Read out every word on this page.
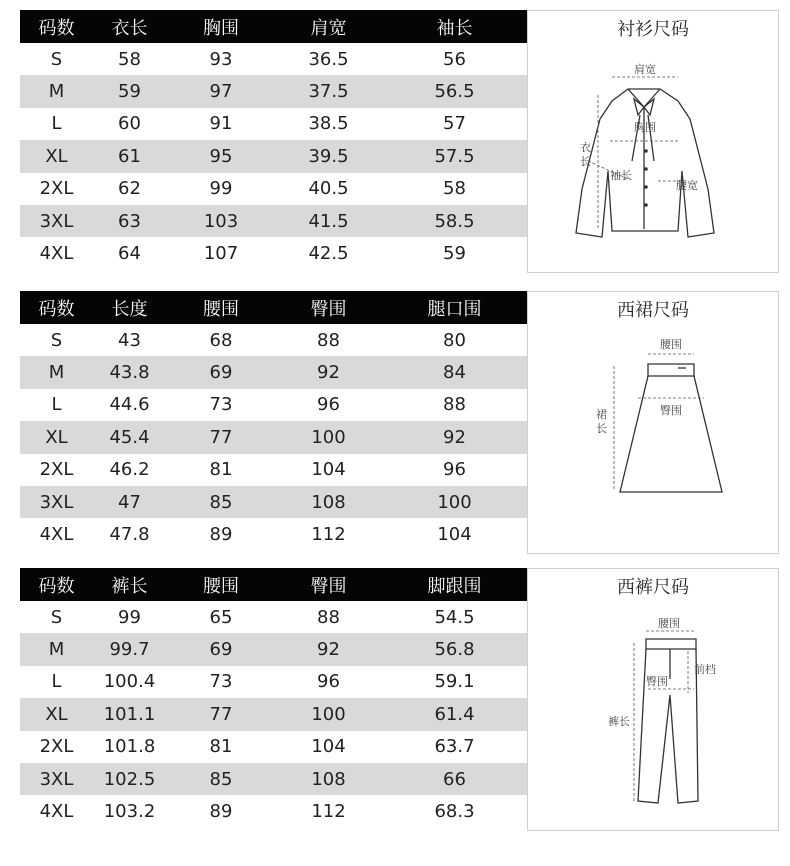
码数	衣长	胸围	肩宽	袖长
S	58	93	36.5	56
M	59	97	37.5	56.5
L	60	91	38.5	57
XL	61	95	39.5	57.5
2XL	62	99	40.5	58
3XL	63	103	41.5	58.5
4XL	64	107	42.5	59
衬衫尺码
肩宽
胸围
衣
长
袖长
腰宽
码数	长度	腰围	臀围	腿口围
S	43	68	88	80
M	43.8	69	92	84
L	44.6	73	96	88
XL	45.4	77	100	92
2XL	46.2	81	104	96
3XL	47	85	108	100
4XL	47.8	89	112	104
西裙尺码
腰围
臀围
裙
长
码数	裤长	腰围	臀围	脚跟围
S	99	65	88	54.5
M	99.7	69	92	56.8
L	100.4	73	96	59.1
XL	101.1	77	100	61.4
2XL	101.8	81	104	63.7
3XL	102.5	85	108	66
4XL	103.2	89	112	68.3
西裤尺码
腰围
臀围
前档
裤长
